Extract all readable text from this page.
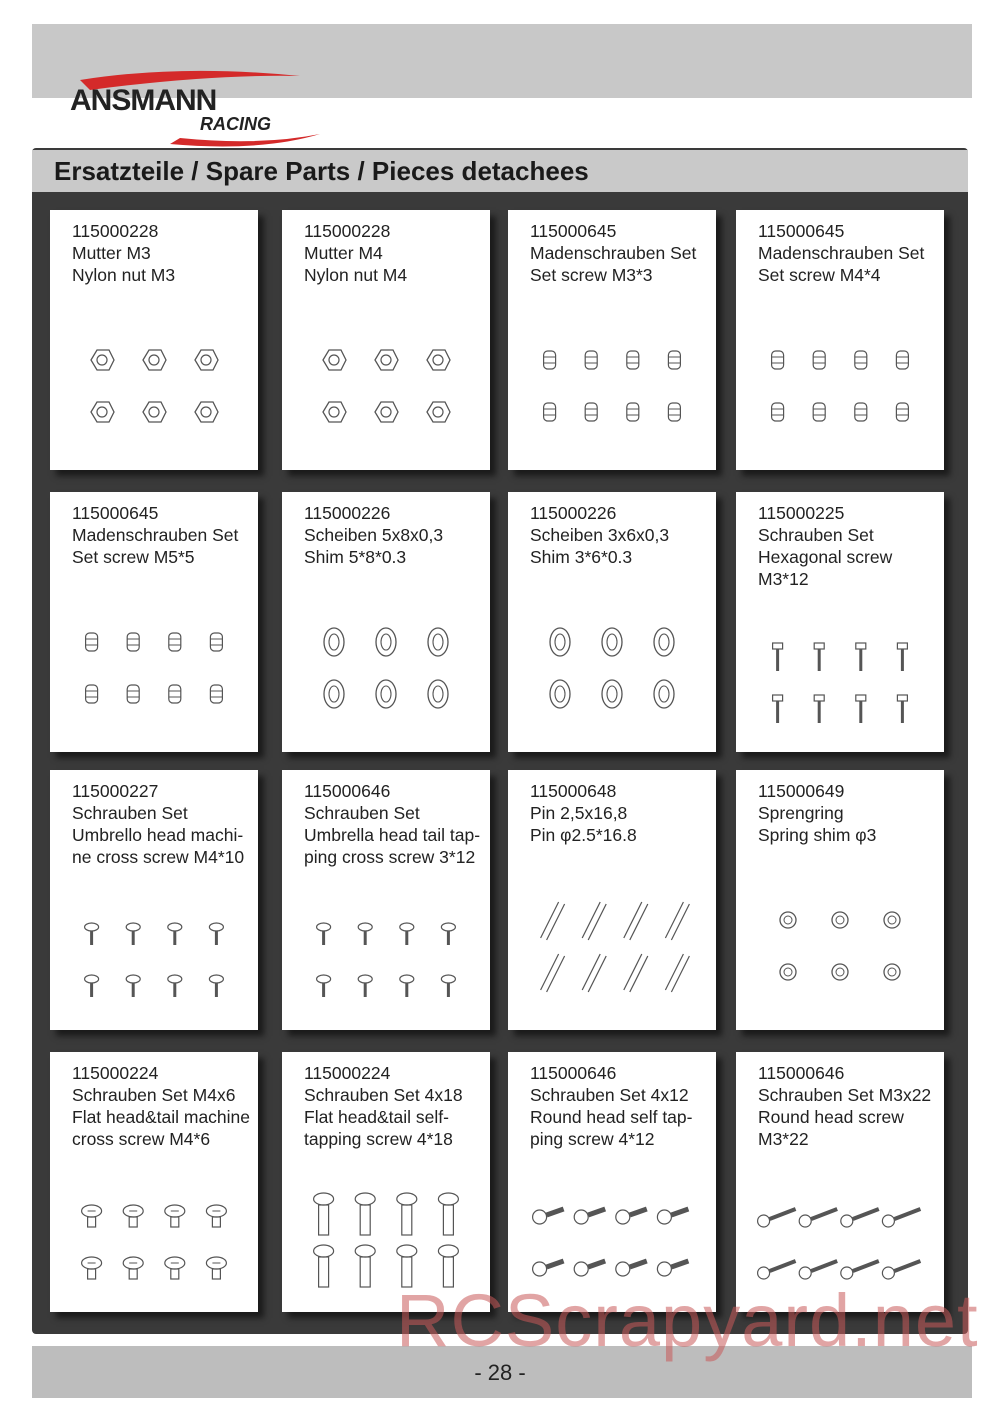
ANSMANN
RACING
Ersatzteile / Spare Parts / Pieces detachees
115000228
Mutter M3
Nylon nut M3
115000228
Mutter M4
Nylon nut M4
115000645
Madenschrauben Set
Set screw M3*3
115000645
Madenschrauben Set
Set screw M4*4
115000645
Madenschrauben Set
Set screw M5*5
115000226
Scheiben 5x8x0,3
Shim 5*8*0.3
115000226
Scheiben 3x6x0,3
Shim 3*6*0.3
115000225
Schrauben Set
Hexagonal screw
M3*12
115000227
Schrauben Set
Umbrello head machi-
ne cross screw M4*10
115000646
Schrauben Set
Umbrella head tail tap-
ping cross screw 3*12
115000648
Pin 2,5x16,8
Pin φ2.5*16.8
115000649
Sprengring
Spring shim φ3
115000224
Schrauben Set M4x6
Flat head&tail machine
cross screw M4*6
115000224
Schrauben Set 4x18
Flat head&tail self-
tapping screw 4*18
115000646
Schrauben Set 4x12
Round head self tap-
ping screw 4*12
115000646
Schrauben Set M3x22
Round head screw
M3*22
- 28 -
RCScrapyard.net
